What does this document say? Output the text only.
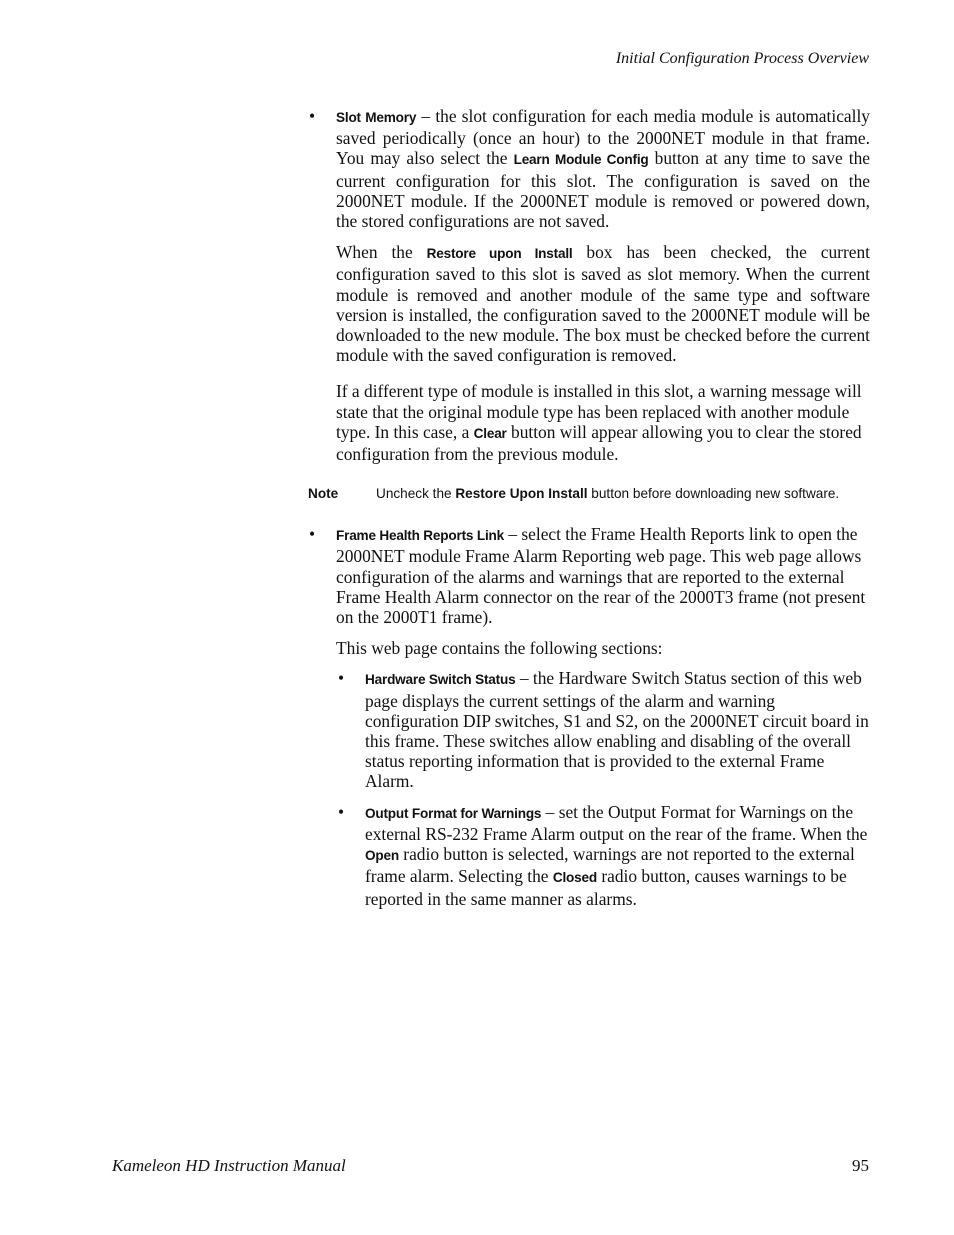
Initial Configuration Process Overview
• Slot Memory – the slot configuration for each media module is automatically saved periodically (once an hour) to the 2000NET module in that frame. You may also select the Learn Module Config button at any time to save the current configuration for this slot. The configuration is saved on the 2000NET module. If the 2000NET module is removed or powered down, the stored configurations are not saved.
When the Restore upon Install box has been checked, the current configuration saved to this slot is saved as slot memory. When the current module is removed and another module of the same type and software version is installed, the configuration saved to the 2000NET module will be downloaded to the new module. The box must be checked before the current module with the saved configuration is removed.
If a different type of module is installed in this slot, a warning message will state that the original module type has been replaced with another module type. In this case, a Clear button will appear allowing you to clear the stored configuration from the previous module.
Note	Uncheck the Restore Upon Install button before downloading new software.
• Frame Health Reports Link – select the Frame Health Reports link to open the 2000NET module Frame Alarm Reporting web page. This web page allows configuration of the alarms and warnings that are reported to the external Frame Health Alarm connector on the rear of the 2000T3 frame (not present on the 2000T1 frame).
This web page contains the following sections:
• Hardware Switch Status – the Hardware Switch Status section of this web page displays the current settings of the alarm and warning configuration DIP switches, S1 and S2, on the 2000NET circuit board in this frame. These switches allow enabling and disabling of the overall status reporting information that is provided to the external Frame Alarm.
• Output Format for Warnings – set the Output Format for Warnings on the external RS-232 Frame Alarm output on the rear of the frame. When the Open radio button is selected, warnings are not reported to the external frame alarm. Selecting the Closed radio button, causes warnings to be reported in the same manner as alarms.
Kameleon HD Instruction Manual	95
